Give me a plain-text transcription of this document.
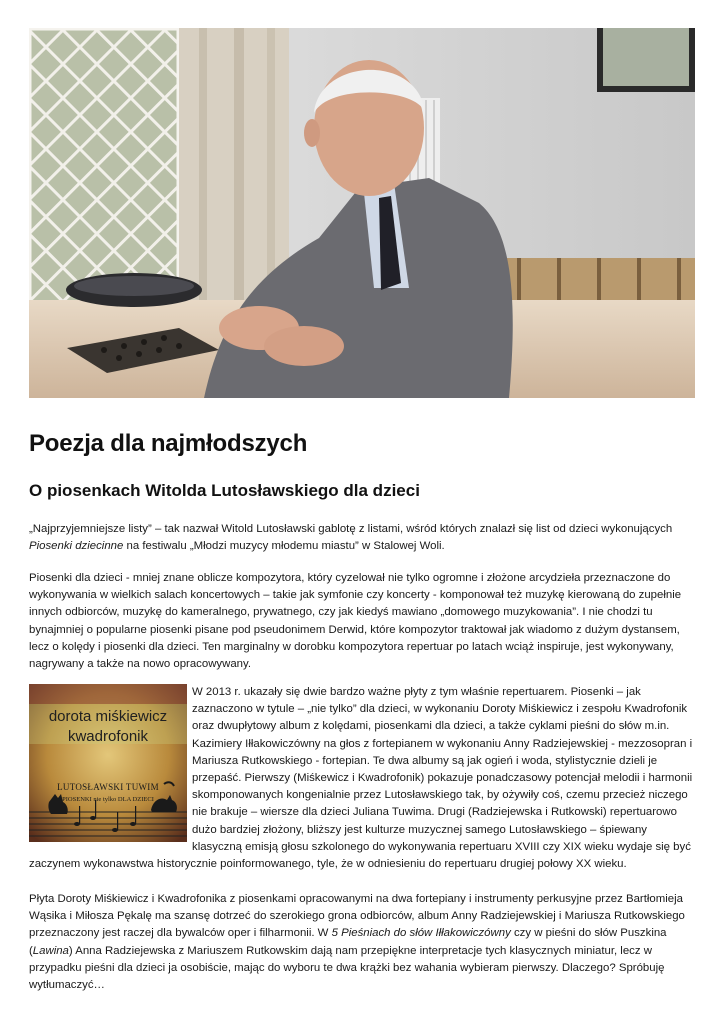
Poezja dla najmłodszych
O piosenkach Witolda Lutosławskiego dla dzieci

„Najprzyjemniejsze listy” – tak nazwał Witold Lutosławski gablotę z listami, wśród których znalazł się list od dzieci wykonujących Piosenki dziecinne na festiwalu „Młodzi muzycy młodemu miastu” w Stalowej Woli.

Piosenki dla dzieci - mniej znane oblicze kompozytora, który cyzelował nie tylko ogromne i złożone arcydzieła przeznaczone do wykonywania w wielkich salach koncertowych – takie jak symfonie czy koncerty - komponował też muzykę kierowaną do zupełnie innych odbiorców, muzykę do kameralnego, prywatnego, czy jak kiedyś mawiano „domowego muzykowania”. I nie chodzi tu bynajmniej o popularne piosenki pisane pod pseudonimem Derwid, które kompozytor traktował jak wiadomo z dużym dystansem, lecz o kolędy i piosenki dla dzieci. Ten marginalny w dorobku kompozytora repertuar po latach wciąż inspiruje, jest wykonywany, nagrywany a także na nowo opracowywany.

dorota miśkiewicz
kwadrofonik
LUTOSŁAWSKI TUWIM
PIOSENKI nie tylko DLA DZIECI

W 2013 r. ukazały się dwie bardzo ważne płyty z tym właśnie repertuarem. Piosenki – jak zaznaczono w tytule – „nie tylko” dla dzieci, w wykonaniu Doroty Miśkiewicz i zespołu Kwadrofonik oraz dwupłytowy album z kolędami, piosenkami dla dzieci, a także cyklami pieśni do słów m.in. Kazimiery Iłłakowiczówny na głos z fortepianem w wykonaniu Anny Radziejewskiej - mezzosopran i Mariusza Rutkowskiego - fortepian. Te dwa albumy są jak ogień i woda, stylistycznie dzieli je przepaść. Pierwszy (Miśkewicz i Kwadrofonik) pokazuje ponadczasowy potencjał melodii i harmonii skomponowanych kongenialnie przez Lutosławskiego tak, by ożywiły coś, czemu przecież niczego nie brakuje – wiersze dla dzieci Juliana Tuwima. Drugi (Radziejewska i Rutkowski) repertuarowo dużo bardziej złożony, bliższy jest kulturze muzycznej samego Lutosławskiego – śpiewany klasyczną emisją głosu szkolonego do wykonywania repertuaru XVIII czy XIX wieku wydaje się być zaczynem wykonawstwa historycznie poinformowanego, tyle, że w odniesieniu do repertuaru drugiej połowy XX wieku.

Płyta Doroty Miśkiewicz i Kwadrofonika z piosenkami opracowanymi na dwa fortepiany i instrumenty perkusyjne przez Bartłomieja Wąsika i Miłosza Pękalę ma szansę dotrzeć do szerokiego grona odbiorców, album Anny Radziejewskiej i Mariusza Rutkowskiego przeznaczony jest raczej dla bywalców oper i filharmonii. W 5 Pieśniach do słów Iłłakowiczówny czy w pieśni do słów Puszkina (Lawina) Anna Radziejewska z Mariuszem Rutkowskim dają nam przepiękne interpretacje tych klasycznych miniatur, lecz w przypadku pieśni dla dzieci ja osobiście, mając do wyboru te dwa krążki bez wahania wybieram pierwszy. Dlaczego? Spróbuję wytłumaczyć…
